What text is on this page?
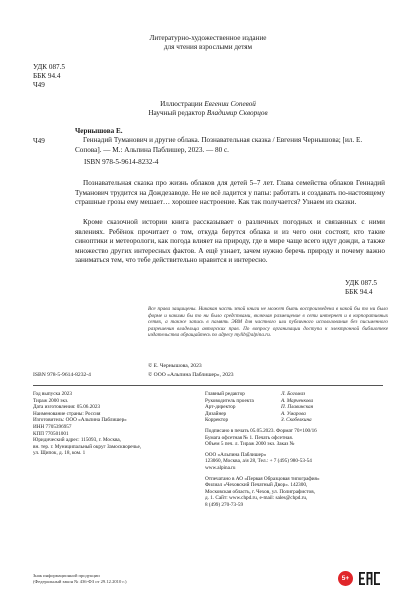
Литературно-художественное издание
для чтения взрослыми детям
УДК 087.5
ББК 94.4
Ч49
Иллюстрации Евгении Сопевой
Научный редактор Владимир Скворцов
Чернышова Е.
Ч49	Геннадий Туманович и другие облака. Познавательная сказка / Евгения Чернышова; [ил. Е. Сопова]. — М.: Альпина Паблишер, 2023. — 80 с.
ISBN 978-5-9614-8232-4
Познавательная сказка про жизнь облаков для детей 5–7 лет. Глава семейства облаков Геннадий Туманович трудится на Дождезаводе. Не не всё ладится у папы: работать и создавать по-настоящему страшные грозы ему мешает… хорошее настроение. Как так получается? Узнаем из сказки.
Кроме сказочной истории книга рассказывает о различных погодных и связанных с ними явлениях. Ребёнок прочитает о том, откуда берутся облака и из чего они состоят, кто такие синоптики и метеорологи, как погода влияет на природу, где в мире чаще всего идут дожди, а также множество других интересных фактов. А ещё узнает, зачем нужно беречь природу и почему важно заниматься тем, что тебе действительно нравится и интересно.
УДК 087.5
ББК 94.4
Все права защищены. Никакая часть этой книги не может быть воспроизведена в какой бы то ни было форме и какими бы то ни было средствами, включая размещение в сети интернет и в корпоративных сетях, а также запись в память ЭВМ для частного или публичного использования без письменного разрешения владельца авторских прав. По вопросу организации доступа к электронной библиотеке издательства обращайтесь по адресу mylib@alpina.ru.
ISBN 978-5-9614-8232-4
© Е. Чернышова, 2023
© ООО «Альпина Паблишер», 2023
Год выпуска 2023
Тираж 2000 экз.
Дата изготовления: 05.06.2023
Наименование страны: Россия
Изготовитель: ООО «Альпина Паблишер»
ИНН 7705396957
КПП 770501001
Юридический адрес: 115093, г. Москва,
вн. тер. г. Муниципальный округ Замоскворечье,
ул. Щипок, д. 18, ком. 1
Главный редактор	Л. Богомаз
Руководитель проекта	А. Марченкова
Арт-директор	П. Плавинская
Дизайнер	А. Умарова
Корректор	З. Скобелкина
Подписано в печать 05.05.2023. Формат 70×100/16
Бумага офсетная № 1. Печать офсетная.
Объем 5 печ. л. Тираж 2000 экз. Заказ №
ООО «Альпина Паблишер»
123060, Москва, а/я 28, Тел.: + 7 (495) 980-53-54
www.alpina.ru
Отпечатано в АО «Первая Образцовая типография»
Филиал «Чеховский Печатный Двор». 142300,
Московская область, г. Чехов, ул. Полиграфистов,
д. 1. Сайт: www.chpd.ru, e-mail: sales@chpd.ru,
8 (499) 270-73-59
Знак информационной продукции
(Федеральный закон № 436-ФЗ от 29.12.2010 г.)	5+
